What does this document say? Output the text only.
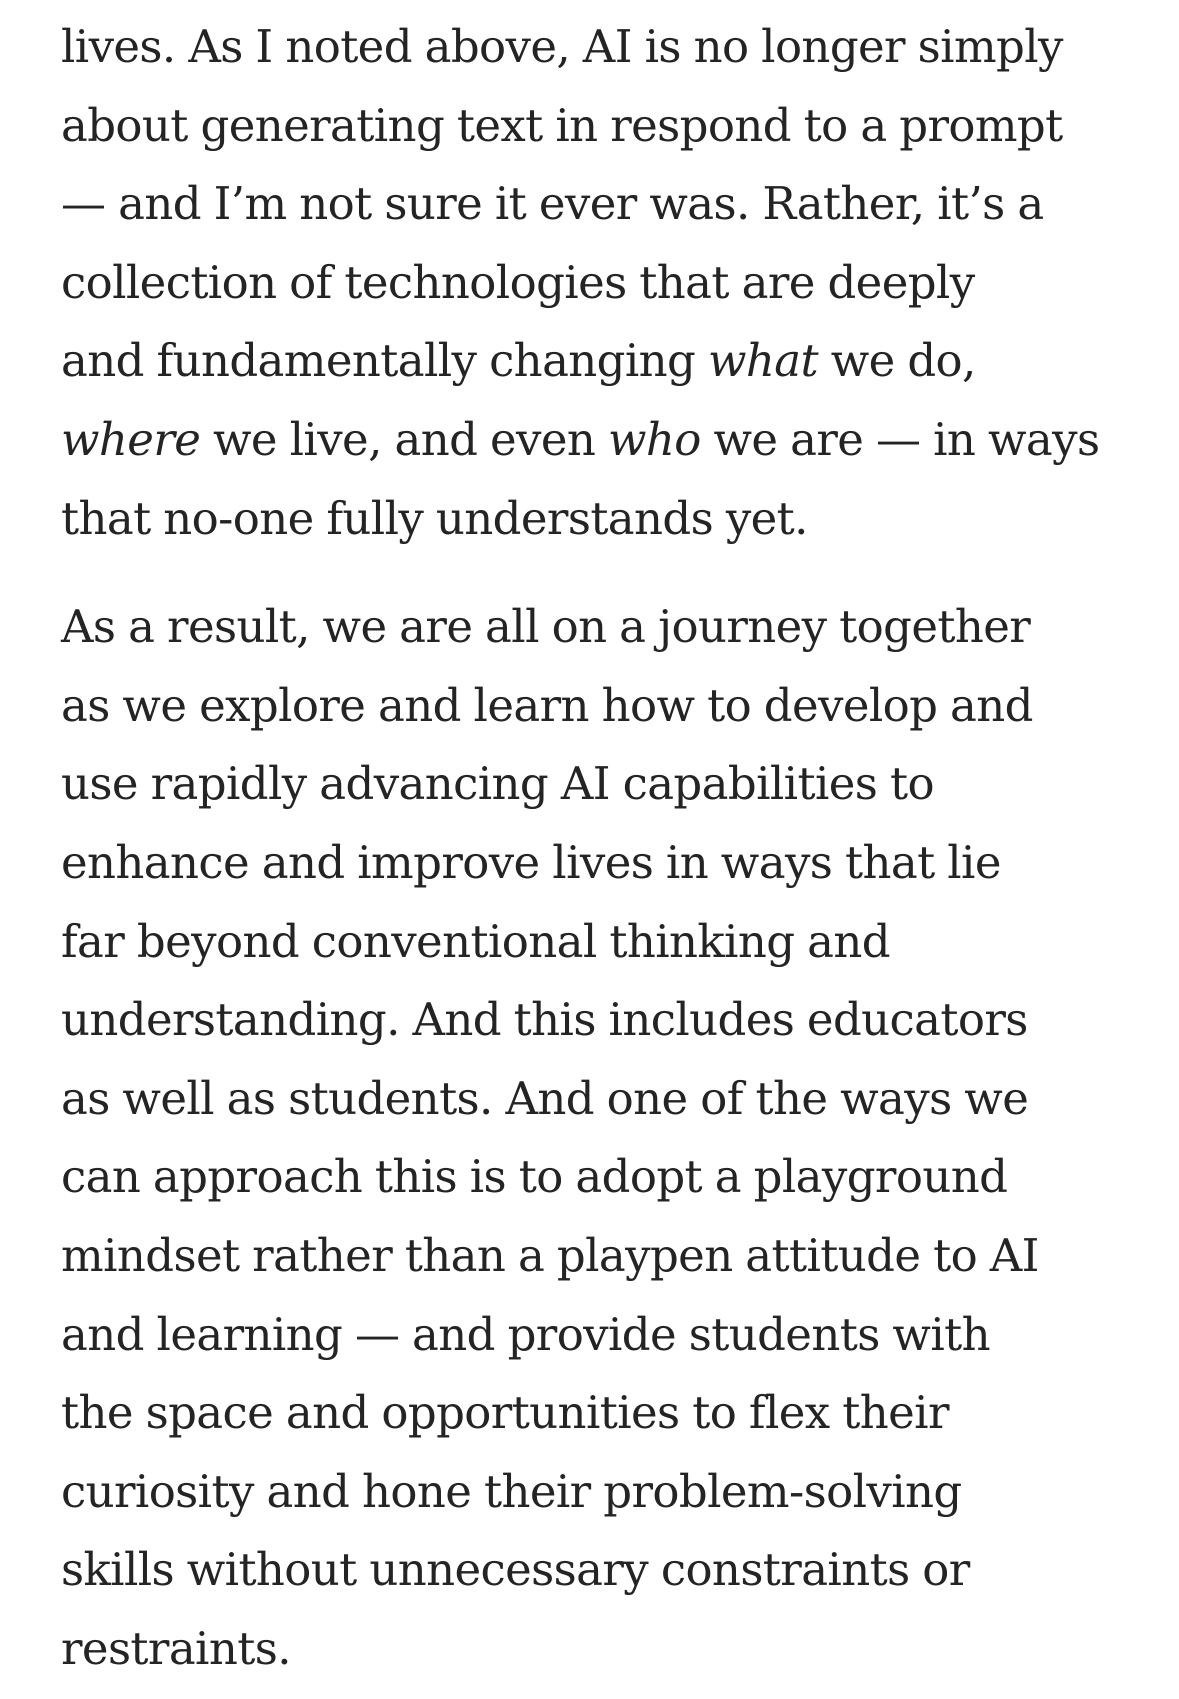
lives. As I noted above, AI is no longer simply
about generating text in respond to a prompt
— and I’m not sure it ever was. Rather, it’s a
collection of technologies that are deeply
and fundamentally changing what we do,
where we live, and even who we are — in ways
that no-one fully understands yet.

As a result, we are all on a journey together
as we explore and learn how to develop and
use rapidly advancing AI capabilities to
enhance and improve lives in ways that lie
far beyond conventional thinking and
understanding. And this includes educators
as well as students. And one of the ways we
can approach this is to adopt a playground
mindset rather than a playpen attitude to AI
and learning — and provide students with
the space and opportunities to flex their
curiosity and hone their problem-solving
skills without unnecessary constraints or
restraints.
